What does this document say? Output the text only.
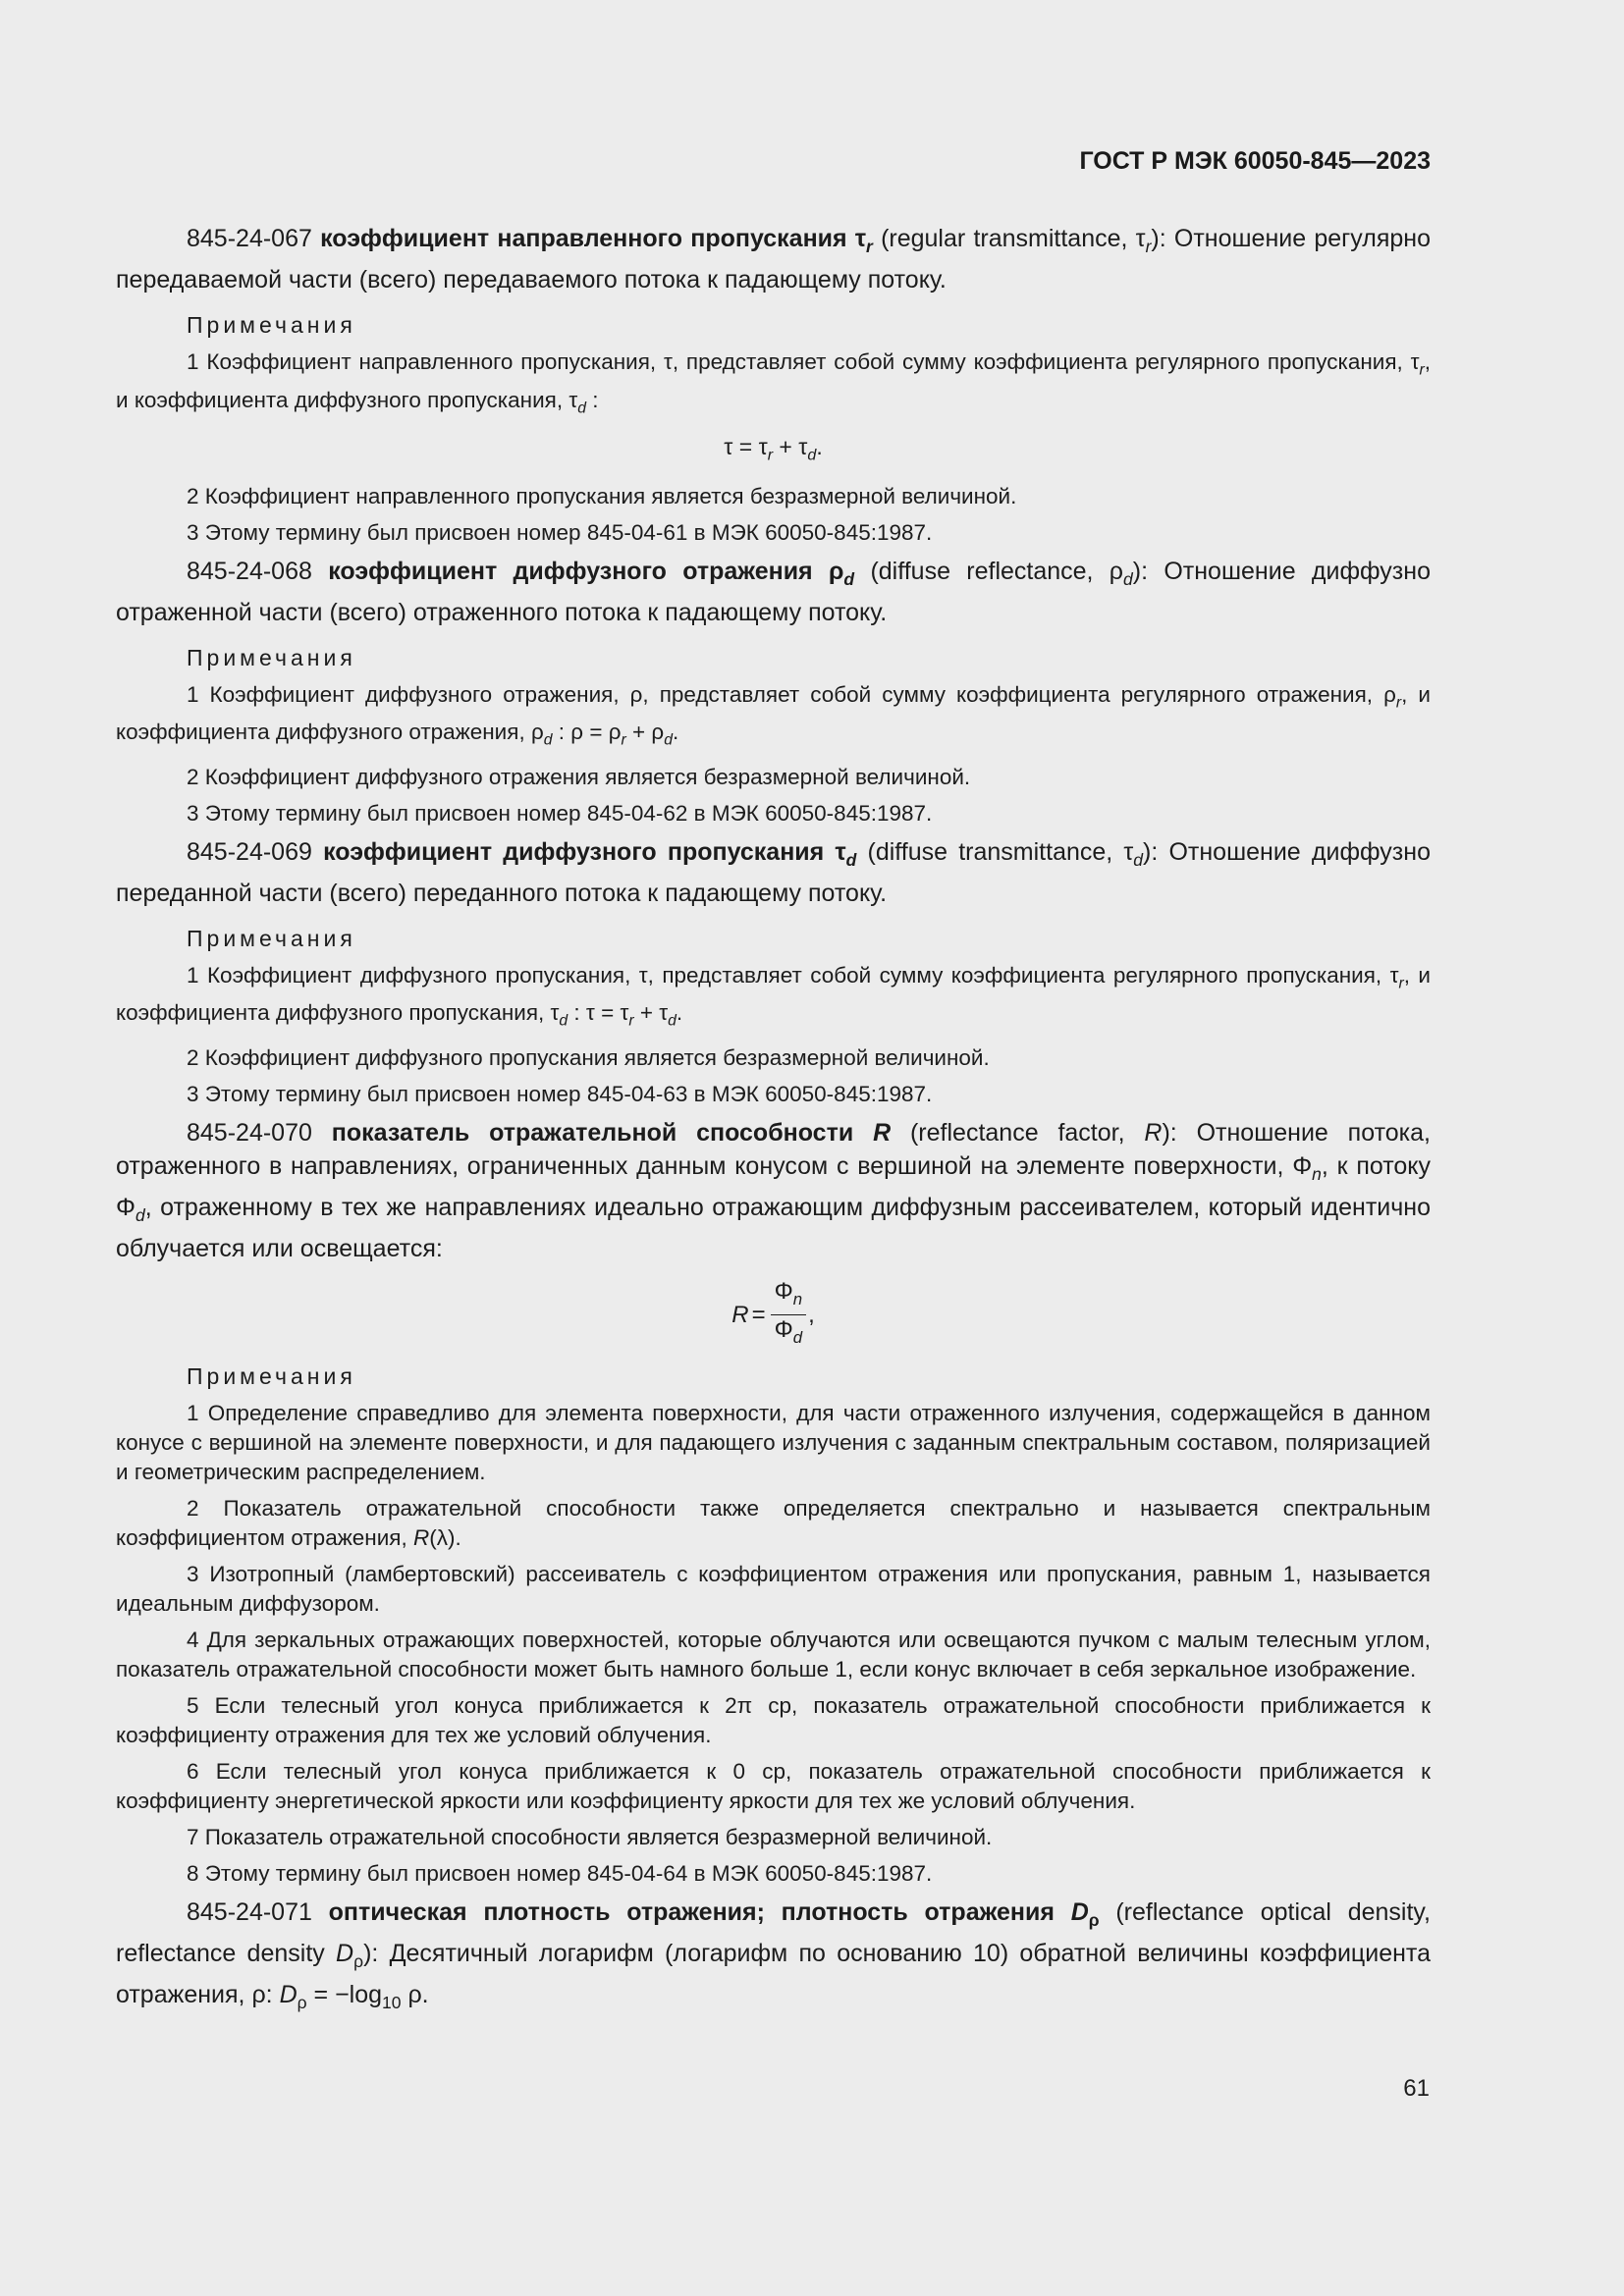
ГОСТ Р МЭК 60050-845—2023

845-24-067 коэффициент направленного пропускания $\tau_r$ (regular transmittance, $\tau_r$): Отношение регулярно передаваемой части (всего) передаваемого потока к падающему потоку.

Примечания

1 Коэффициент направленного пропускания, τ, представляет собой сумму коэффициента регулярного пропускания, $\tau_r$, и коэффициента диффузного пропускания, $\tau_d$ :

$\tau = \tau_r + \tau_d$.

2 Коэффициент направленного пропускания является безразмерной величиной.

3 Этому термину был присвоен номер 845-04-61 в МЭК 60050-845:1987.

845-24-068 коэффициент диффузного отражения $\rho_d$ (diffuse reflectance, $\rho_d$): Отношение диффузно отраженной части (всего) отраженного потока к падающему потоку.

Примечания

1 Коэффициент диффузного отражения, ρ, представляет собой сумму коэффициента регулярного отражения, $\rho_r$, и коэффициента диффузного отражения, $\rho_d$ : $\rho = \rho_r + \rho_d$.

2 Коэффициент диффузного отражения является безразмерной величиной.

3 Этому термину был присвоен номер 845-04-62 в МЭК 60050-845:1987.

845-24-069 коэффициент диффузного пропускания $\tau_d$ (diffuse transmittance, $\tau_d$): Отношение диффузно переданной части (всего) переданного потока к падающему потоку.

Примечания

1 Коэффициент диффузного пропускания, τ, представляет собой сумму коэффициента регулярного пропускания, $\tau_r$, и коэффициента диффузного пропускания, $\tau_d$ : $\tau = \tau_r + \tau_d$.

2 Коэффициент диффузного пропускания является безразмерной величиной.

3 Этому термину был присвоен номер 845-04-63 в МЭК 60050-845:1987.

845-24-070 показатель отражательной способности R (reflectance factor, R): Отношение потока, отраженного в направлениях, ограниченных данным конусом с вершиной на элементе поверхности, $\Phi_n$, к потоку $\Phi_d$, отраженному в тех же направлениях идеально отражающим диффузным рассеивателем, который идентично облучается или освещается:

$R = \frac{\Phi_n}{\Phi_d}$ ,
Примечания

1 Определение справедливо для элемента поверхности, для части отраженного излучения, содержащейся в данном конусе с вершиной на элементе поверхности, и для падающего излучения с заданным спектральным составом, поляризацией и геометрическим распределением.

2 Показатель отражательной способности также определяется спектрально и называется спектральным коэффициентом отражения, R(λ).

3 Изотропный (ламбертовский) рассеиватель с коэффициентом отражения или пропускания, равным 1, называется идеальным диффузором.

4 Для зеркальных отражающих поверхностей, которые облучаются или освещаются пучком с малым телесным углом, показатель отражательной способности может быть намного больше 1, если конус включает в себя зеркальное изображение.

5 Если телесный угол конуса приближается к 2π ср, показатель отражательной способности приближается к коэффициенту отражения для тех же условий облучения.

6 Если телесный угол конуса приближается к 0 ср, показатель отражательной способности приближается к коэффициенту энергетической яркости или коэффициенту яркости для тех же условий облучения.

7 Показатель отражательной способности является безразмерной величиной.

8 Этому термину был присвоен номер 845-04-64 в МЭК 60050-845:1987.

845-24-071 оптическая плотность отражения; плотность отражения $D_\rho$ (reflectance optical density, reflectance density $D_\rho$): Десятичный логарифм (логарифм по основанию 10) обратной величины коэффициента отражения, ρ: $D_\rho = -\log_{10}$ ρ.

61
